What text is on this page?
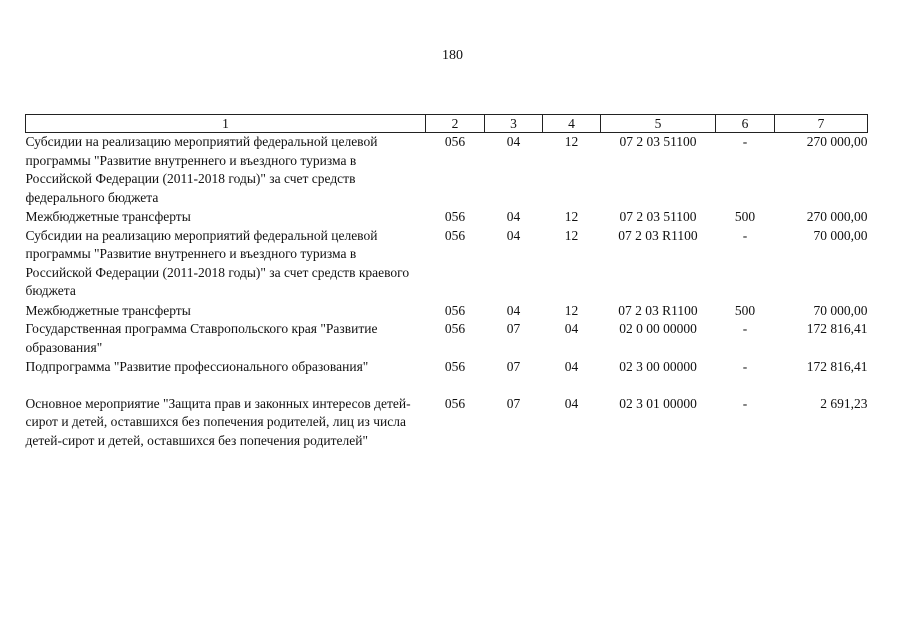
180
1	2	3	4	5	6	7
Субсидии на реализацию мероприятий федеральной целевой программы "Развитие внутреннего и въездного туризма в Российской Федерации (2011-2018 годы)" за счет средств федерального бюджета	056	04	12	07 2 03 51100	-	270 000,00
Межбюджетные трансферты	056	04	12	07 2 03 51100	500	270 000,00
Субсидии на реализацию мероприятий федеральной целевой программы "Развитие внутреннего и въездного туризма в Российской Федерации (2011-2018 годы)" за счет средств краевого бюджета	056	04	12	07 2 03 R1100	-	70 000,00
Межбюджетные трансферты	056	04	12	07 2 03 R1100	500	70 000,00
Государственная программа Ставропольского края "Развитие образования"	056	07	04	02 0 00 00000	-	172 816,41
Подпрограмма "Развитие профессионального образования"	056	07	04	02 3 00 00000	-	172 816,41
Основное мероприятие "Защита прав и законных интересов детей-сирот и детей, оставшихся без попечения родителей, лиц из числа детей-сирот и детей, оставшихся без попечения родителей"	056	07	04	02 3 01 00000	-	2 691,23
